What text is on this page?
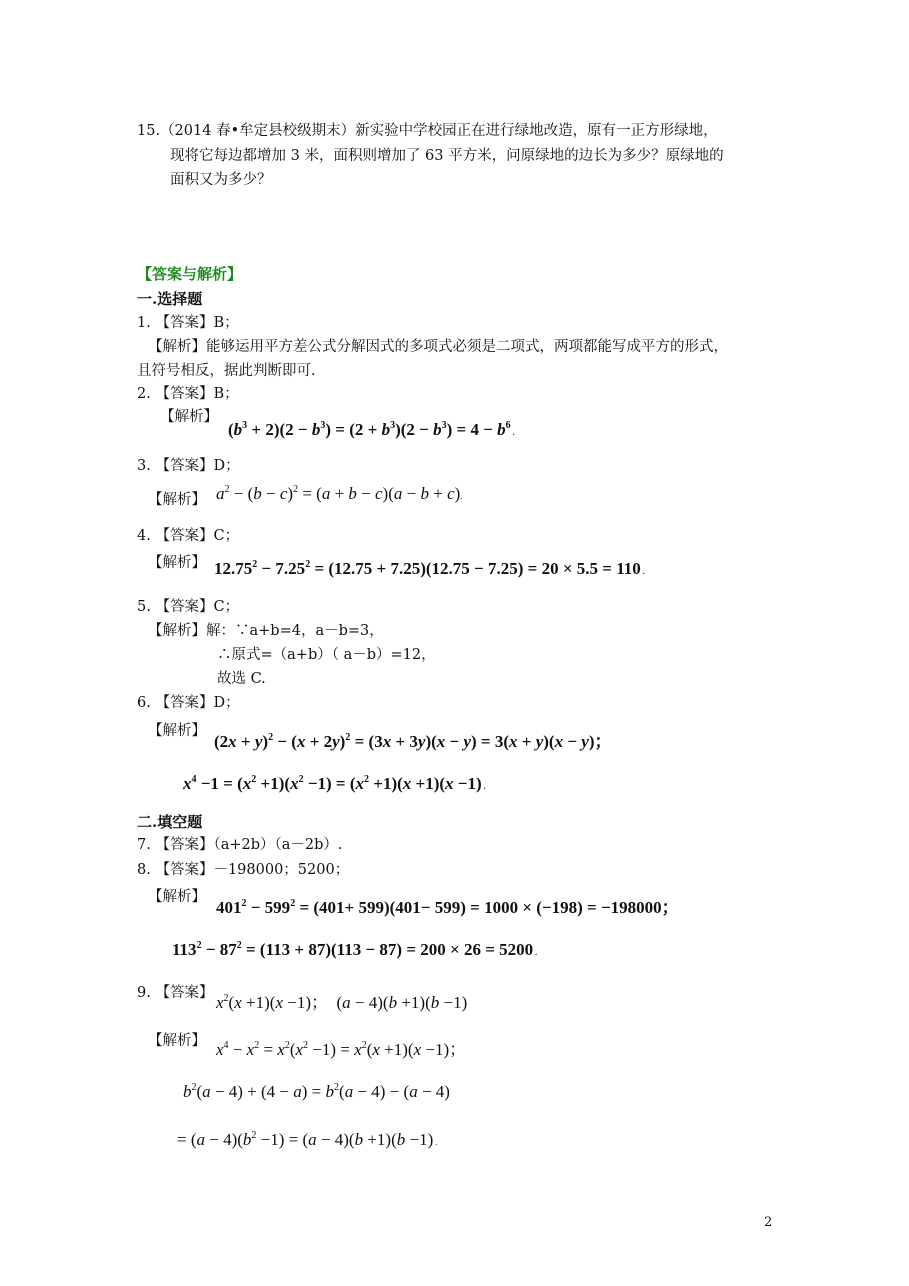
15.（2014 春•牟定县校级期末）新实验中学校园正在进行绿地改造，原有一正方形绿地，
现将它每边都增加 3 米，面积则增加了 63 平方米，问原绿地的边长为多少？原绿地的
面积又为多少？
【答案与解析】
一.选择题
1. 【答案】B；
【解析】能够运用平方差公式分解因式的多项式必须是二项式，两项都能写成平方的形式，
且符号相反，据此判断即可.
2. 【答案】B；
【解析】
$(b^3 + 2)(2 - b^3) = (2 + b^3)(2 - b^3) = 4 - b^6$ .
3. 【答案】D；
【解析】 $a^2 - (b - c)^2 = (a + b - c)(a - b + c)$.
4. 【答案】C；
【解析】 $12.75^2 - 7.25^2 = (12.75 + 7.25)(12.75 - 7.25) = 20 \times 5.5 = 110$ .
5. 【答案】C；
【解析】解：∵a+b=4，a－b=3，
∴原式=（a+b）（ a－b）=12，
故选 C.
6. 【答案】D；
【解析】
$(2x + y)^2 - (x + 2y)^2 = (3x + 3y)(x - y) = 3(x + y)(x - y)$；
$x^4 -1 = (x^2 +1)(x^2 -1) = (x^2 +1)(x +1)(x -1)$ .
二.填空题
7. 【答案】（a+2b）（a－2b）.
8. 【答案】－198000；5200；
【解析】
$401^2 - 599^2 = (401+ 599)(401- 599) = 1000 \times (-198) = -198000$；
$113^2 - 87^2 = (113 + 87)(113 - 87) = 200 \times 26 = 5200$ .
9. 【答案】 $x^2(x +1)(x -1)$；  (a − 4)(b +1)(b −1)
【解析】 $x^4 - x^2 = x^2(x^2 -1) = x^2(x +1)(x -1)$；
$b^2(a - 4) + (4 - a) = b^2(a - 4) - (a - 4)$
= $(a - 4)(b^2 -1) = (a - 4)(b +1)(b -1)$ .
2
